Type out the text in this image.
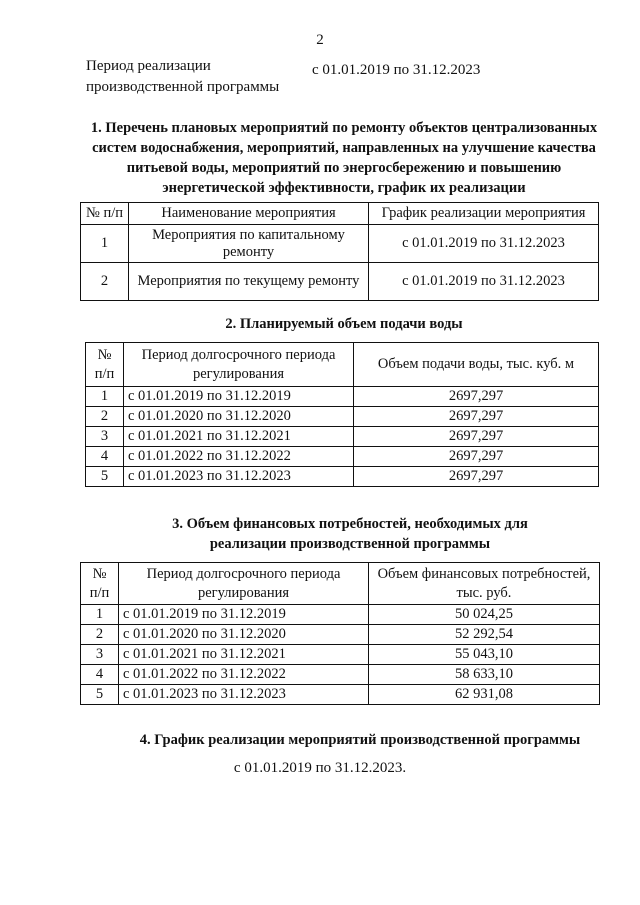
2
Период реализации производственной программы
с 01.01.2019 по 31.12.2023
1. Перечень плановых мероприятий по ремонту объектов централизованных систем водоснабжения, мероприятий, направленных на улучшение качества питьевой воды, мероприятий по энергосбережению и повышению энергетической эффективности, график их реализации
№ п/п	Наименование мероприятия	График реализации мероприятия
1	Мероприятия по капитальному ремонту	с 01.01.2019 по 31.12.2023
2	Мероприятия по текущему ремонту	с 01.01.2019 по 31.12.2023
2. Планируемый объем подачи воды
№ п/п	Период долгосрочного периода регулирования	Объем подачи воды, тыс. куб. м
1	с 01.01.2019 по 31.12.2019	2697,297
2	с 01.01.2020 по 31.12.2020	2697,297
3	с 01.01.2021 по 31.12.2021	2697,297
4	с 01.01.2022 по 31.12.2022	2697,297
5	с 01.01.2023 по 31.12.2023	2697,297
3. Объем финансовых потребностей, необходимых для реализации производственной программы
№ п/п	Период долгосрочного периода регулирования	Объем финансовых потребностей, тыс. руб.
1	с 01.01.2019 по 31.12.2019	50 024,25
2	с 01.01.2020 по 31.12.2020	52 292,54
3	с 01.01.2021 по 31.12.2021	55 043,10
4	с 01.01.2022 по 31.12.2022	58 633,10
5	с 01.01.2023 по 31.12.2023	62 931,08
4. График реализации мероприятий производственной программы
с 01.01.2019 по 31.12.2023.
